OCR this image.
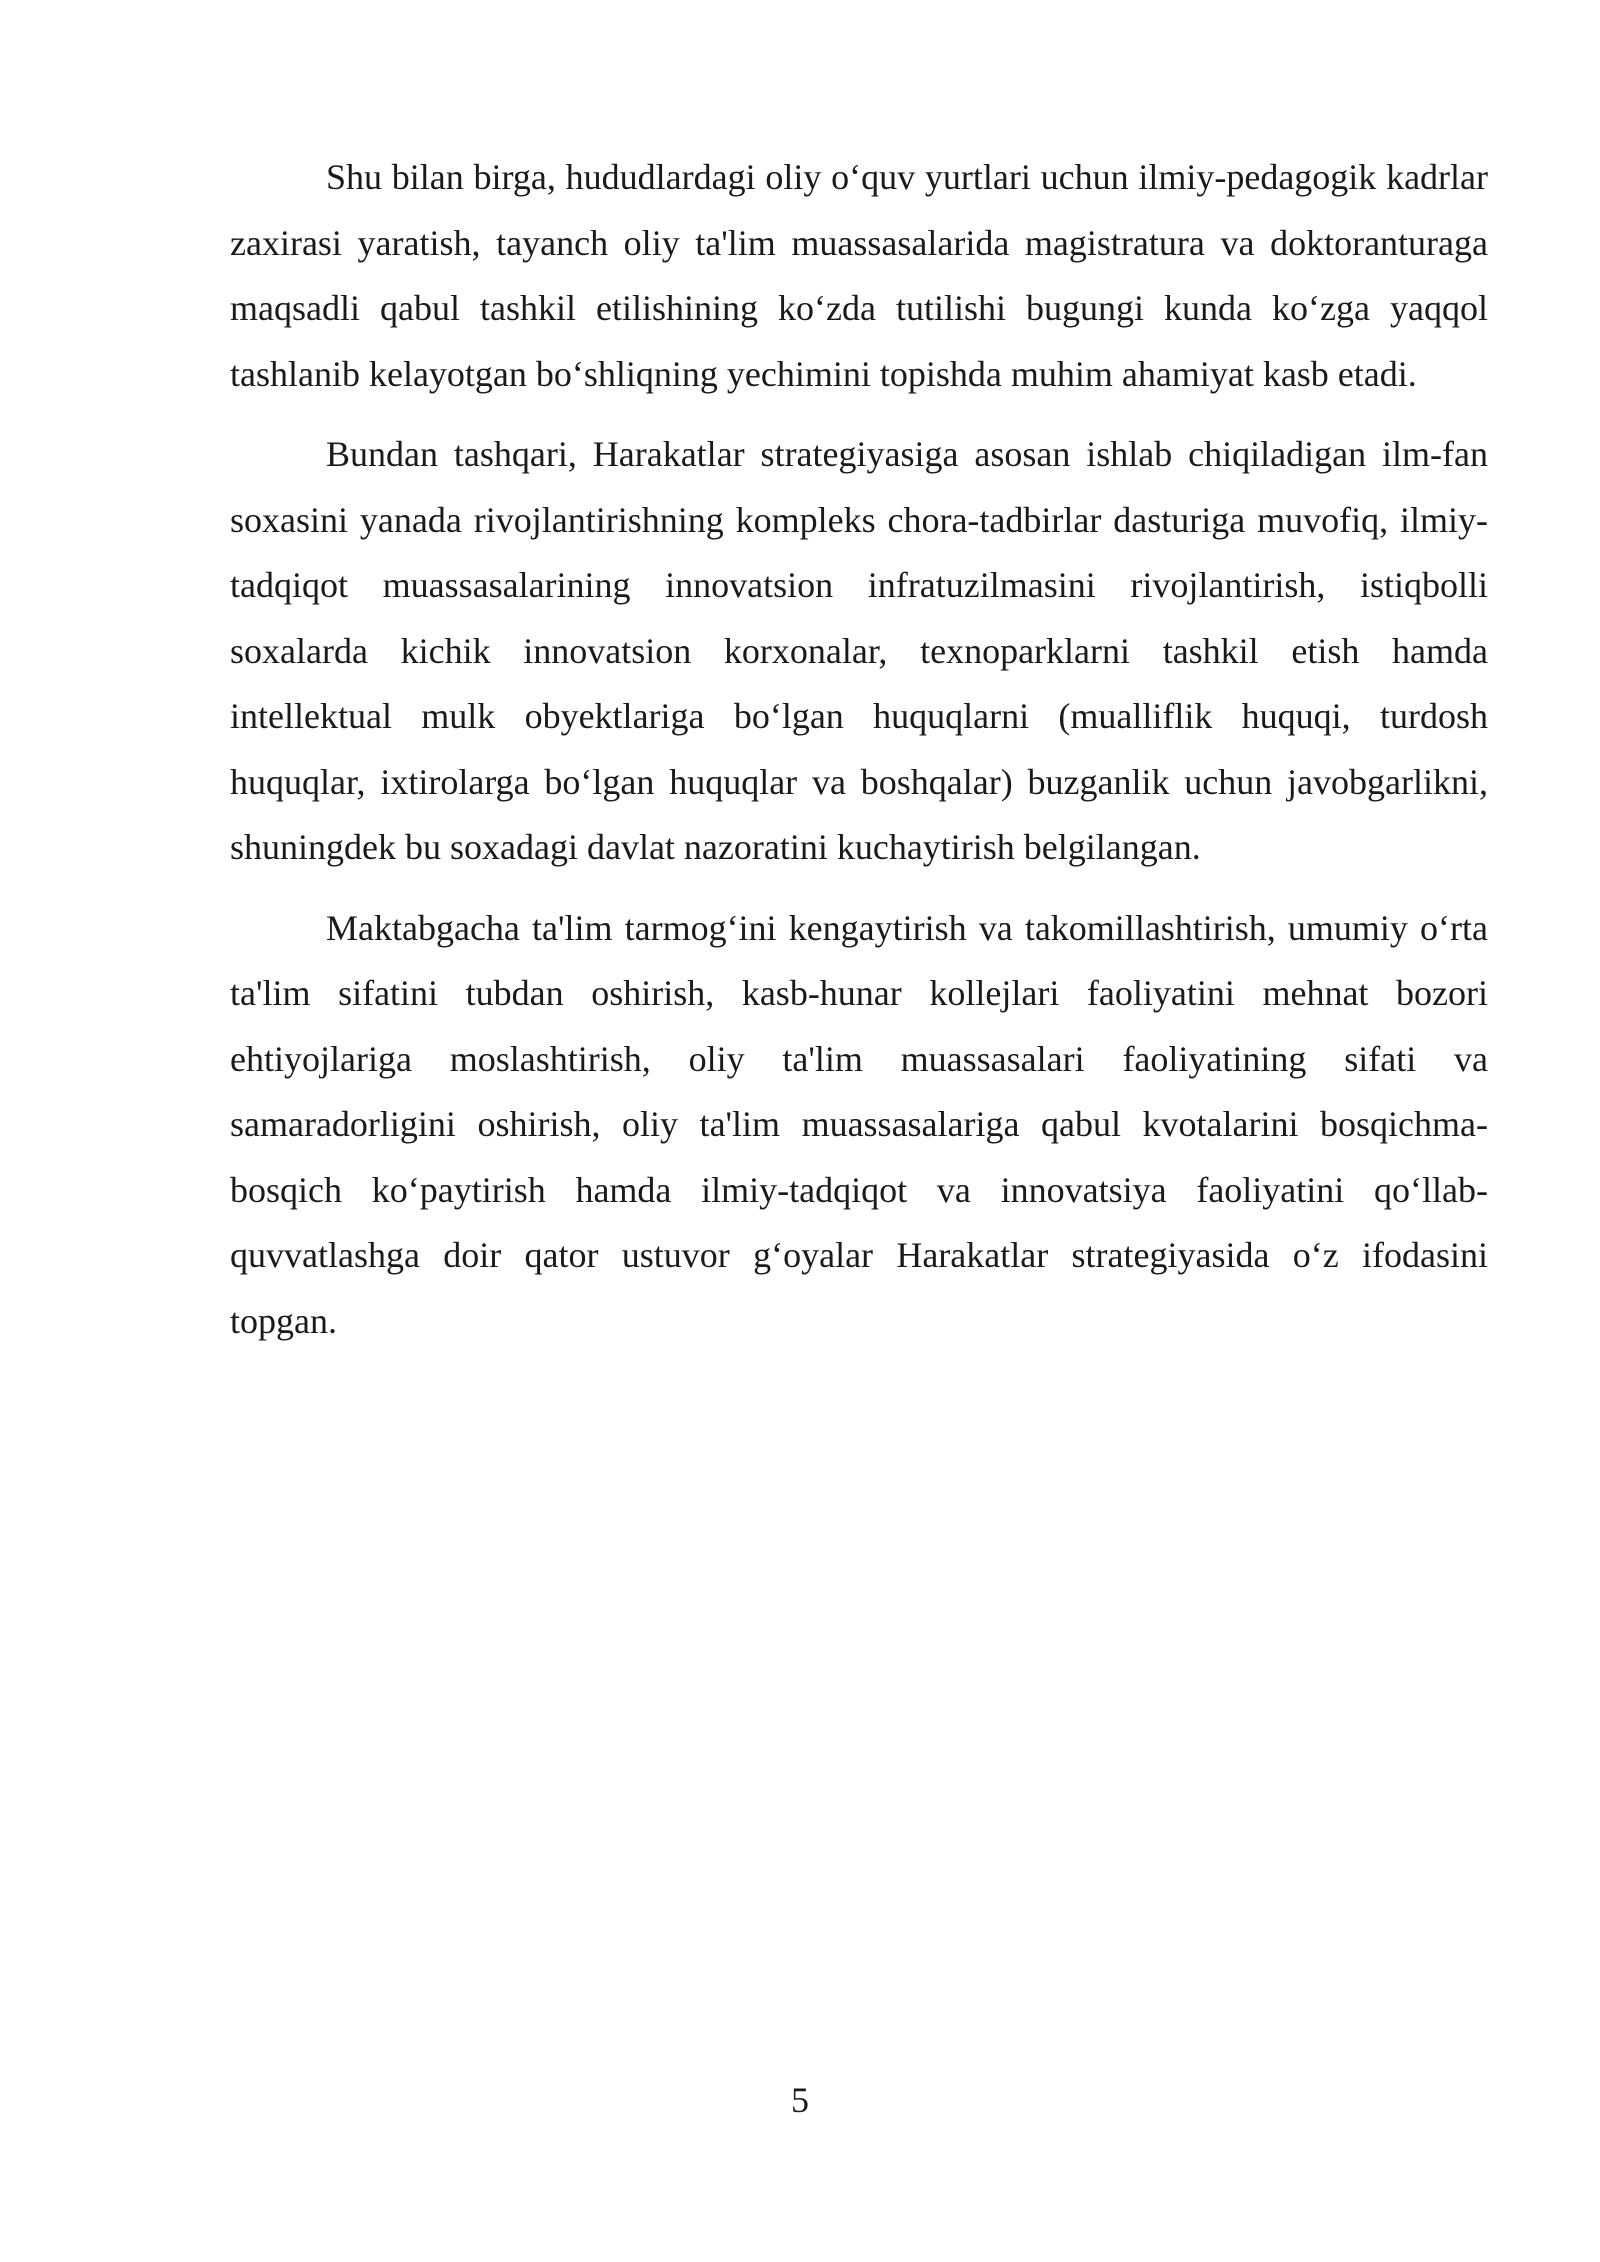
Shu bilan birga, hududlardagi oliy o‘quv yurtlari uchun ilmiy-pedagogik kadrlar zaxirasi yaratish, tayanch oliy ta'lim muassasalarida magistratura va doktoranturaga maqsadli qabul tashkil etilishining ko‘zda tutilishi bugungi kunda ko‘zga yaqqol tashlanib kelayotgan bo‘shliqning yechimini topishda muhim ahamiyat kasb etadi.

Bundan tashqari, Harakatlar strategiyasiga asosan ishlab chiqiladigan ilm-fan soxasini yanada rivojlantirishning kompleks chora-tadbirlar dasturiga muvofiq, ilmiy-tadqiqot muassasalarining innovatsion infratuzilmasini rivojlantirish, istiqbolli soxalarda kichik innovatsion korxonalar, texnoparklarni tashkil etish hamda intellektual mulk obyektlariga bo‘lgan huquqlarni (mualliflik huquqi, turdosh huquqlar, ixtirolarga bo‘lgan huquqlar va boshqalar) buzganlik uchun javobgarlikni, shuningdek bu soxadagi davlat nazoratini kuchaytirish belgilangan.

Maktabgacha ta'lim tarmog‘ini kengaytirish va takomillashtirish, umumiy o‘rta ta'lim sifatini tubdan oshirish, kasb-hunar kollejlari faoliyatini mehnat bozori ehtiyojlariga moslashtirish, oliy ta'lim muassasalari faoliyatining sifati va samaradorligini oshirish, oliy ta'lim muassasalariga qabul kvotalarini bosqichma-bosqich ko‘paytirish hamda ilmiy-tadqiqot va innovatsiya faoliyatini qo‘llab-quvvatlashga doir qator ustuvor g‘oyalar Harakatlar strategiyasida o‘z ifodasini topgan.

5
